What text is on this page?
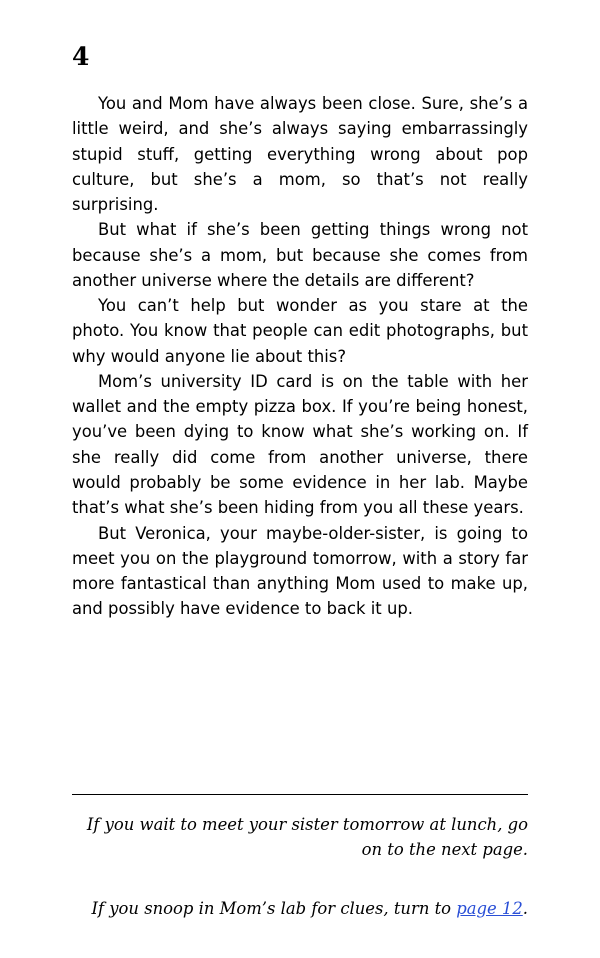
4

You and Mom have always been close. Sure, she’s a little weird, and she’s always saying embarrassingly stupid stuff, getting everything wrong about pop culture, but she’s a mom, so that’s not really surprising.

But what if she’s been getting things wrong not because she’s a mom, but because she comes from another universe where the details are different?

You can’t help but wonder as you stare at the photo. You know that people can edit photographs, but why would anyone lie about this?

Mom’s university ID card is on the table with her wallet and the empty pizza box. If you’re being honest, you’ve been dying to know what she’s working on. If she really did come from another universe, there would probably be some evidence in her lab. Maybe that’s what she’s been hiding from you all these years.

But Veronica, your maybe-older-sister, is going to meet you on the playground tomorrow, with a story far more fantastical than anything Mom used to make up, and possibly have evidence to back it up.

If you wait to meet your sister tomorrow at lunch, go on to the next page.

If you snoop in Mom’s lab for clues, turn to page 12.
